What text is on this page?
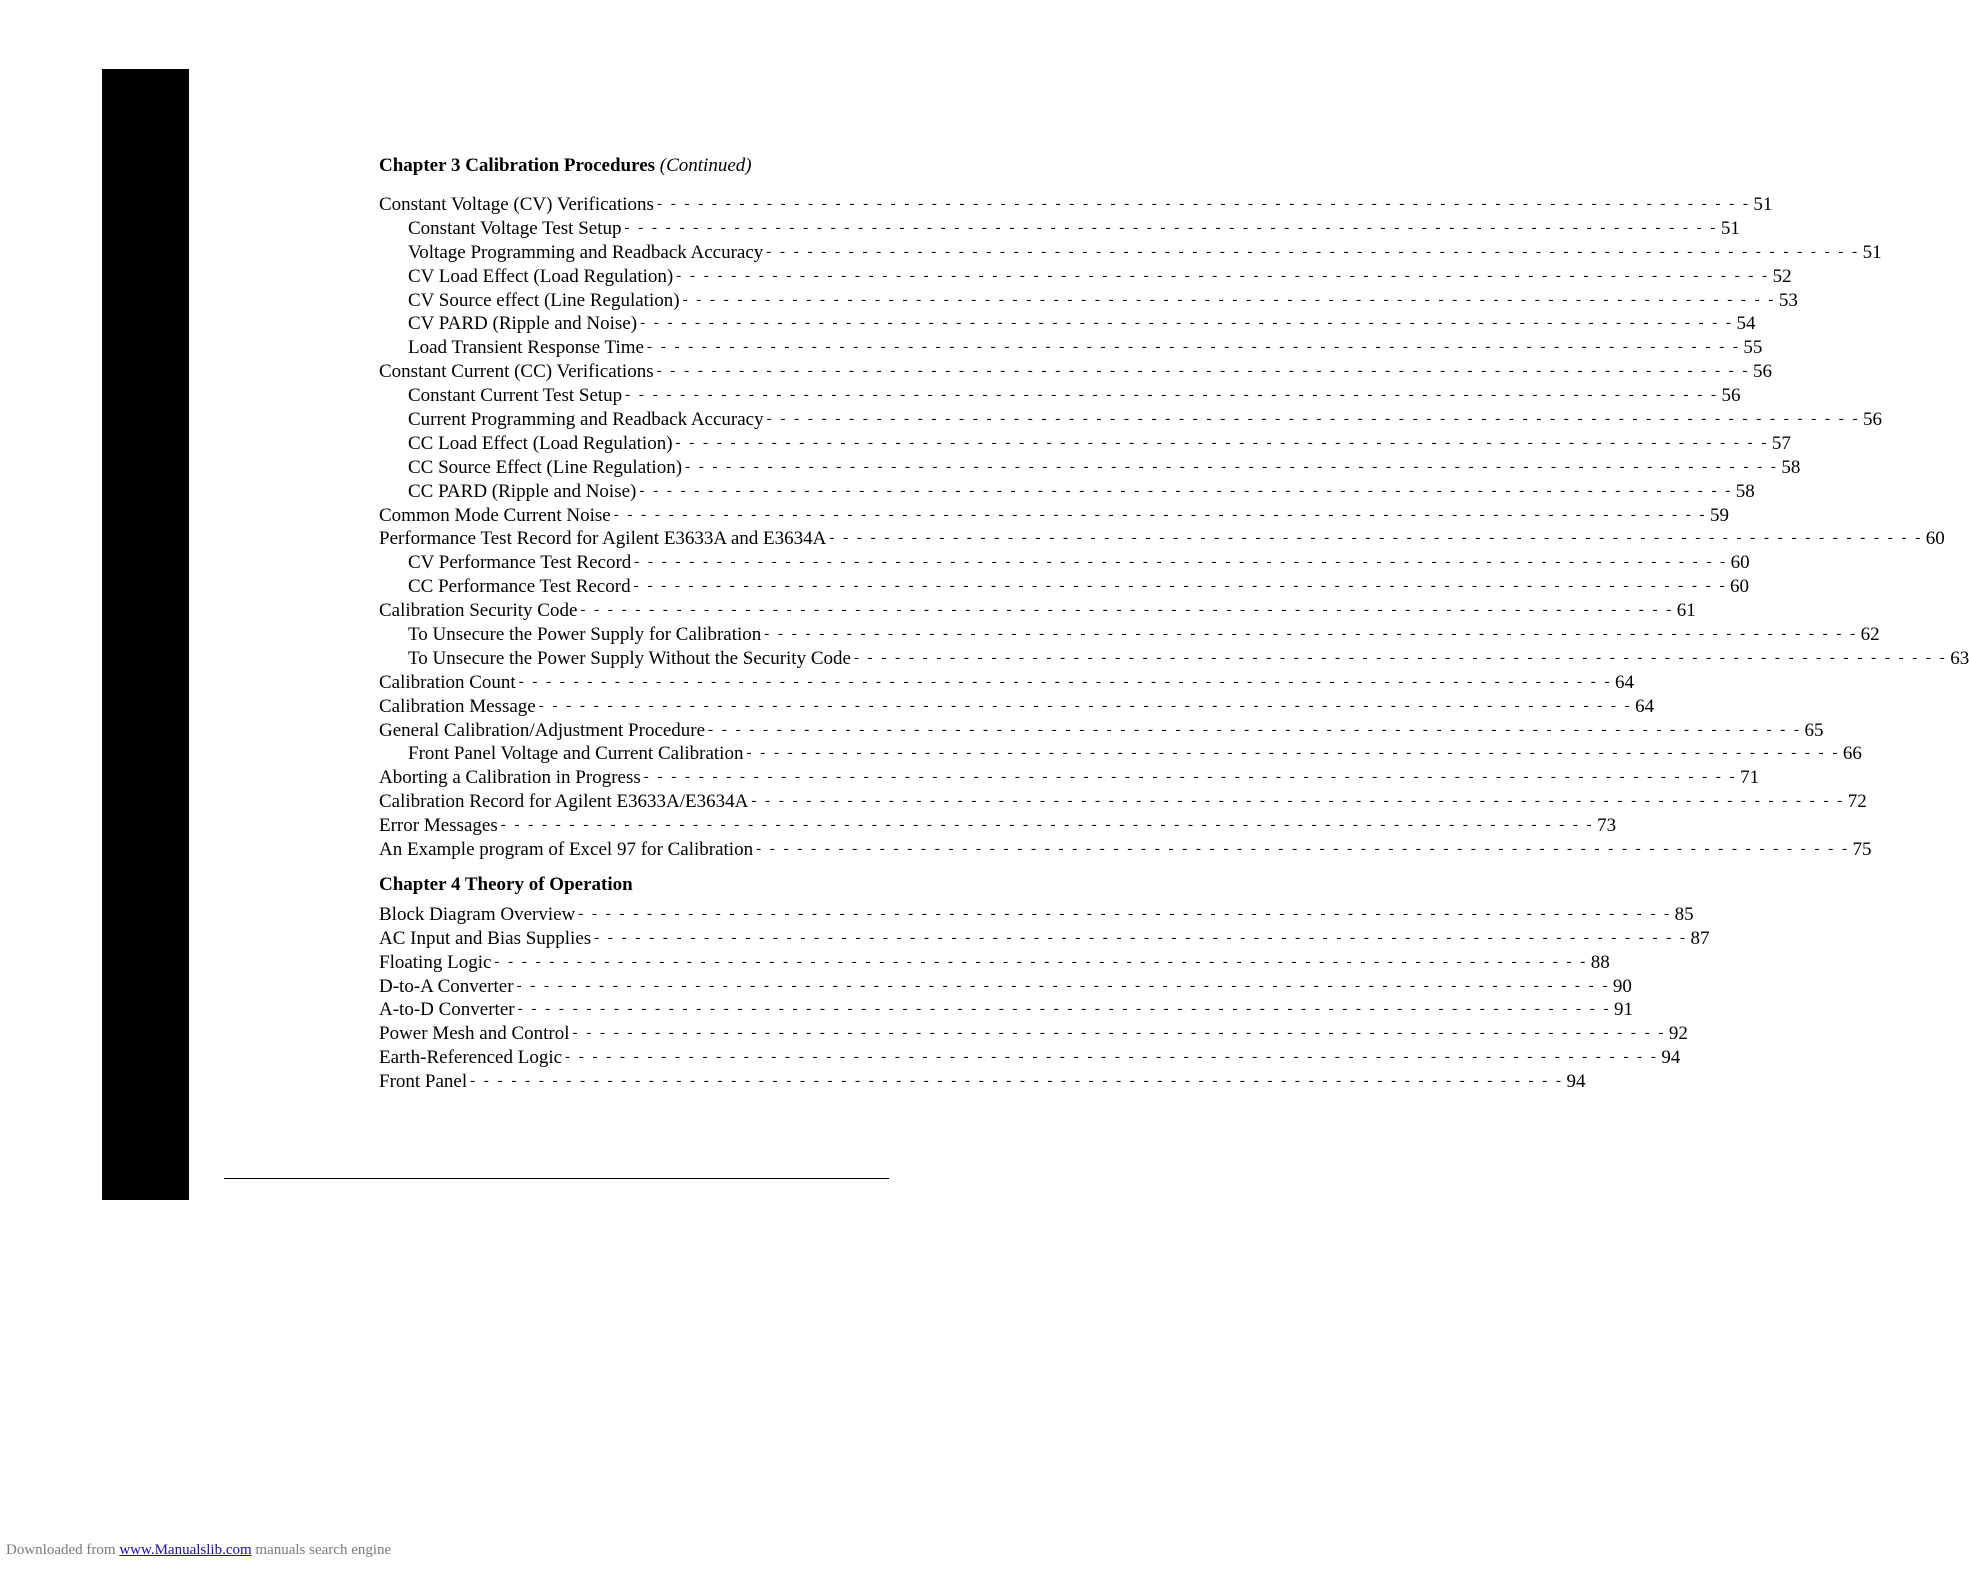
Chapter 3 Calibration Procedures (Continued)
Constant Voltage (CV) Verifications - - - - - - - - - - - - - - - - - - - - - - - - - - - - - - - - - - - - - - - - - - - - - - - - - - - - - - - - - - - - - - - - - - - - - - - - - - - - - - - - 51
Constant Voltage Test Setup - - - - - - - - - - - - - - - - - - - - - - - - - - - - - - - - - - - - - - - - - - - - - - - - - - - - - - - - - - - - - - - - - - - - - - - - - - - - - - - - 51
Voltage Programming and Readback Accuracy - - - - - - - - - - - - - - - - - - - - - - - - - - - - - - - - - - - - - - - - - - - - - - - - - - - - - - - - - - - - - - - - - - - - - - - - - - - - - - - - 51
CV Load Effect (Load Regulation) - - - - - - - - - - - - - - - - - - - - - - - - - - - - - - - - - - - - - - - - - - - - - - - - - - - - - - - - - - - - - - - - - - - - - - - - - - - - - - - - 52
CV Source effect (Line Regulation) - - - - - - - - - - - - - - - - - - - - - - - - - - - - - - - - - - - - - - - - - - - - - - - - - - - - - - - - - - - - - - - - - - - - - - - - - - - - - - - - 53
CV PARD (Ripple and Noise) - - - - - - - - - - - - - - - - - - - - - - - - - - - - - - - - - - - - - - - - - - - - - - - - - - - - - - - - - - - - - - - - - - - - - - - - - - - - - - - - 54
Load Transient Response Time - - - - - - - - - - - - - - - - - - - - - - - - - - - - - - - - - - - - - - - - - - - - - - - - - - - - - - - - - - - - - - - - - - - - - - - - - - - - - - - - 55
Constant Current (CC) Verifications - - - - - - - - - - - - - - - - - - - - - - - - - - - - - - - - - - - - - - - - - - - - - - - - - - - - - - - - - - - - - - - - - - - - - - - - - - - - - - - - 56
Constant Current Test Setup - - - - - - - - - - - - - - - - - - - - - - - - - - - - - - - - - - - - - - - - - - - - - - - - - - - - - - - - - - - - - - - - - - - - - - - - - - - - - - - - 56
Current Programming and Readback Accuracy - - - - - - - - - - - - - - - - - - - - - - - - - - - - - - - - - - - - - - - - - - - - - - - - - - - - - - - - - - - - - - - - - - - - - - - - - - - - - - - - 56
CC Load Effect (Load Regulation) - - - - - - - - - - - - - - - - - - - - - - - - - - - - - - - - - - - - - - - - - - - - - - - - - - - - - - - - - - - - - - - - - - - - - - - - - - - - - - - - 57
CC Source Effect (Line Regulation) - - - - - - - - - - - - - - - - - - - - - - - - - - - - - - - - - - - - - - - - - - - - - - - - - - - - - - - - - - - - - - - - - - - - - - - - - - - - - - - - 58
CC PARD (Ripple and Noise) - - - - - - - - - - - - - - - - - - - - - - - - - - - - - - - - - - - - - - - - - - - - - - - - - - - - - - - - - - - - - - - - - - - - - - - - - - - - - - - - 58
Common Mode Current Noise - - - - - - - - - - - - - - - - - - - - - - - - - - - - - - - - - - - - - - - - - - - - - - - - - - - - - - - - - - - - - - - - - - - - - - - - - - - - - - - - 59
Performance Test Record for Agilent E3633A and E3634A - - - - - - - - - - - - - - - - - - - - - - - - - - - - - - - - - - - - - - - - - - - - - - - - - - - - - - - - - - - - - - - - - - - - - - - - - - - - - - - - 60
CV Performance Test Record - - - - - - - - - - - - - - - - - - - - - - - - - - - - - - - - - - - - - - - - - - - - - - - - - - - - - - - - - - - - - - - - - - - - - - - - - - - - - - - - 60
CC Performance Test Record - - - - - - - - - - - - - - - - - - - - - - - - - - - - - - - - - - - - - - - - - - - - - - - - - - - - - - - - - - - - - - - - - - - - - - - - - - - - - - - - 60
Calibration Security Code - - - - - - - - - - - - - - - - - - - - - - - - - - - - - - - - - - - - - - - - - - - - - - - - - - - - - - - - - - - - - - - - - - - - - - - - - - - - - - - - 61
To Unsecure the Power Supply for Calibration - - - - - - - - - - - - - - - - - - - - - - - - - - - - - - - - - - - - - - - - - - - - - - - - - - - - - - - - - - - - - - - - - - - - - - - - - - - - - - - - 62
To Unsecure the Power Supply Without the Security Code - - - - - - - - - - - - - - - - - - - - - - - - - - - - - - - - - - - - - - - - - - - - - - - - - - - - - - - - - - - - - - - - - - - - - - - - - - - - - - - - 63
Calibration Count - - - - - - - - - - - - - - - - - - - - - - - - - - - - - - - - - - - - - - - - - - - - - - - - - - - - - - - - - - - - - - - - - - - - - - - - - - - - - - - - 64
Calibration Message - - - - - - - - - - - - - - - - - - - - - - - - - - - - - - - - - - - - - - - - - - - - - - - - - - - - - - - - - - - - - - - - - - - - - - - - - - - - - - - - 64
General Calibration/Adjustment Procedure - - - - - - - - - - - - - - - - - - - - - - - - - - - - - - - - - - - - - - - - - - - - - - - - - - - - - - - - - - - - - - - - - - - - - - - - - - - - - - - - 65
Front Panel Voltage and Current Calibration - - - - - - - - - - - - - - - - - - - - - - - - - - - - - - - - - - - - - - - - - - - - - - - - - - - - - - - - - - - - - - - - - - - - - - - - - - - - - - - - 66
Aborting a Calibration in Progress - - - - - - - - - - - - - - - - - - - - - - - - - - - - - - - - - - - - - - - - - - - - - - - - - - - - - - - - - - - - - - - - - - - - - - - - - - - - - - - - 71
Calibration Record for Agilent E3633A/E3634A - - - - - - - - - - - - - - - - - - - - - - - - - - - - - - - - - - - - - - - - - - - - - - - - - - - - - - - - - - - - - - - - - - - - - - - - - - - - - - - - 72
Error Messages - - - - - - - - - - - - - - - - - - - - - - - - - - - - - - - - - - - - - - - - - - - - - - - - - - - - - - - - - - - - - - - - - - - - - - - - - - - - - - - - 73
An Example program of Excel 97 for Calibration - - - - - - - - - - - - - - - - - - - - - - - - - - - - - - - - - - - - - - - - - - - - - - - - - - - - - - - - - - - - - - - - - - - - - - - - - - - - - - - - 75
Chapter 4 Theory of Operation
Block Diagram Overview - - - - - - - - - - - - - - - - - - - - - - - - - - - - - - - - - - - - - - - - - - - - - - - - - - - - - - - - - - - - - - - - - - - - - - - - - - - - - - - - 85
AC Input and Bias Supplies - - - - - - - - - - - - - - - - - - - - - - - - - - - - - - - - - - - - - - - - - - - - - - - - - - - - - - - - - - - - - - - - - - - - - - - - - - - - - - - - 87
Floating Logic - - - - - - - - - - - - - - - - - - - - - - - - - - - - - - - - - - - - - - - - - - - - - - - - - - - - - - - - - - - - - - - - - - - - - - - - - - - - - - - - 88
D-to-A Converter - - - - - - - - - - - - - - - - - - - - - - - - - - - - - - - - - - - - - - - - - - - - - - - - - - - - - - - - - - - - - - - - - - - - - - - - - - - - - - - - 90
A-to-D Converter - - - - - - - - - - - - - - - - - - - - - - - - - - - - - - - - - - - - - - - - - - - - - - - - - - - - - - - - - - - - - - - - - - - - - - - - - - - - - - - - 91
Power Mesh and Control - - - - - - - - - - - - - - - - - - - - - - - - - - - - - - - - - - - - - - - - - - - - - - - - - - - - - - - - - - - - - - - - - - - - - - - - - - - - - - - - 92
Earth-Referenced Logic - - - - - - - - - - - - - - - - - - - - - - - - - - - - - - - - - - - - - - - - - - - - - - - - - - - - - - - - - - - - - - - - - - - - - - - - - - - - - - - - 94
Front Panel - - - - - - - - - - - - - - - - - - - - - - - - - - - - - - - - - - - - - - - - - - - - - - - - - - - - - - - - - - - - - - - - - - - - - - - - - - - - - - - - 94
Downloaded from www.Manualslib.com manuals search engine
